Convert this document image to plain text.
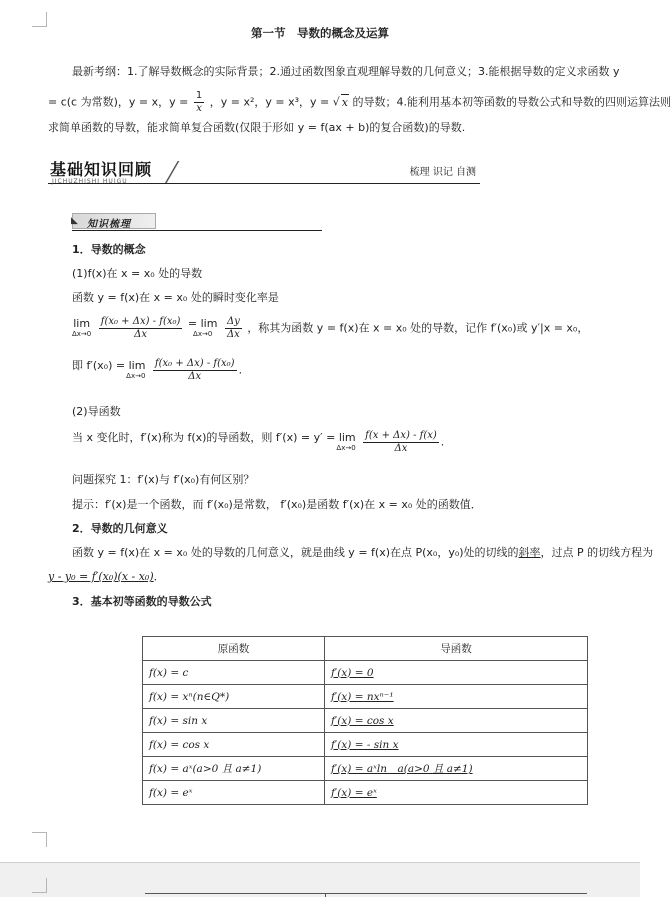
第一节　导数的概念及运算
最新考纲：1.了解导数概念的实际背景；2.通过函数图象直观理解导数的几何意义；3.能根据导数的定义求函数 y
= c(c 为常数)，y = x，$y = \frac{1}{x}$ ，y = x²，y = x³，y = √ x 的导数；4.能利用基本初等函数的导数公式和导数的四则运算法则
求简单函数的导数，能求简单复合函数(仅限于形如 y = f(ax + b)的复合函数)的导数.
基础知识回顾
JICHUZHISHI HUIGU
梳理 识记 自测
◣ 知识梳理
1．导数的概念
(1)f(x)在 x = x₀ 处的导数
函数 y = f(x)在 x = x₀ 处的瞬时变化率是
lim
Δx→0
$\frac{\text{f(x₀ + Δx) - f(x₀)}}{\Delta x} = \lim$
Δx→0
	$\frac{\Delta y}{\Delta x}$ ，称其为函数 y = f(x)在 x = x₀ 处的导数，记作 f′(x₀)或 y′|x = x₀，
即 f′(x₀) = lim
Δx→0
$\frac{\text{f(x₀ + Δx) - f(x₀)}}{\Delta x}$ .
(2)导函数
当 x 变化时，f′(x)称为 f(x)的导函数，则 f′(x) = y′ = lim
Δx→0
$\frac{f(x + \Delta x) - f(x)}{\Delta x}$ .
问题探究 1：f′(x)与 f′(x₀)有何区别？
提示：f′(x)是一个函数，而 f′(x₀)是常数， f′(x₀)是函数 f′(x)在 x = x₀ 处的函数值．
2．导数的几何意义
函数 y = f(x)在 x = x₀ 处的导数的几何意义，就是曲线 y = f(x)在点 P(x₀，y₀)处的切线的斜率，过点 P 的切线方程为
y - y₀ = f′(x₀)(x - x₀)．
3．基本初等函数的导数公式
原函数	导函数
f(x) = c	f′(x) = 0
f(x) = xⁿ(n∈Q*)	f′(x) = nxⁿ⁻¹
f(x) = sin x	f′(x) = cos x
f(x) = cos x	f′(x) = - sin x
f(x) = aˣ(a>0 且 a≠1)	f′(x) = aˣln　a(a>0 且 a≠1)
f(x) = eˣ	f′(x) = eˣ
